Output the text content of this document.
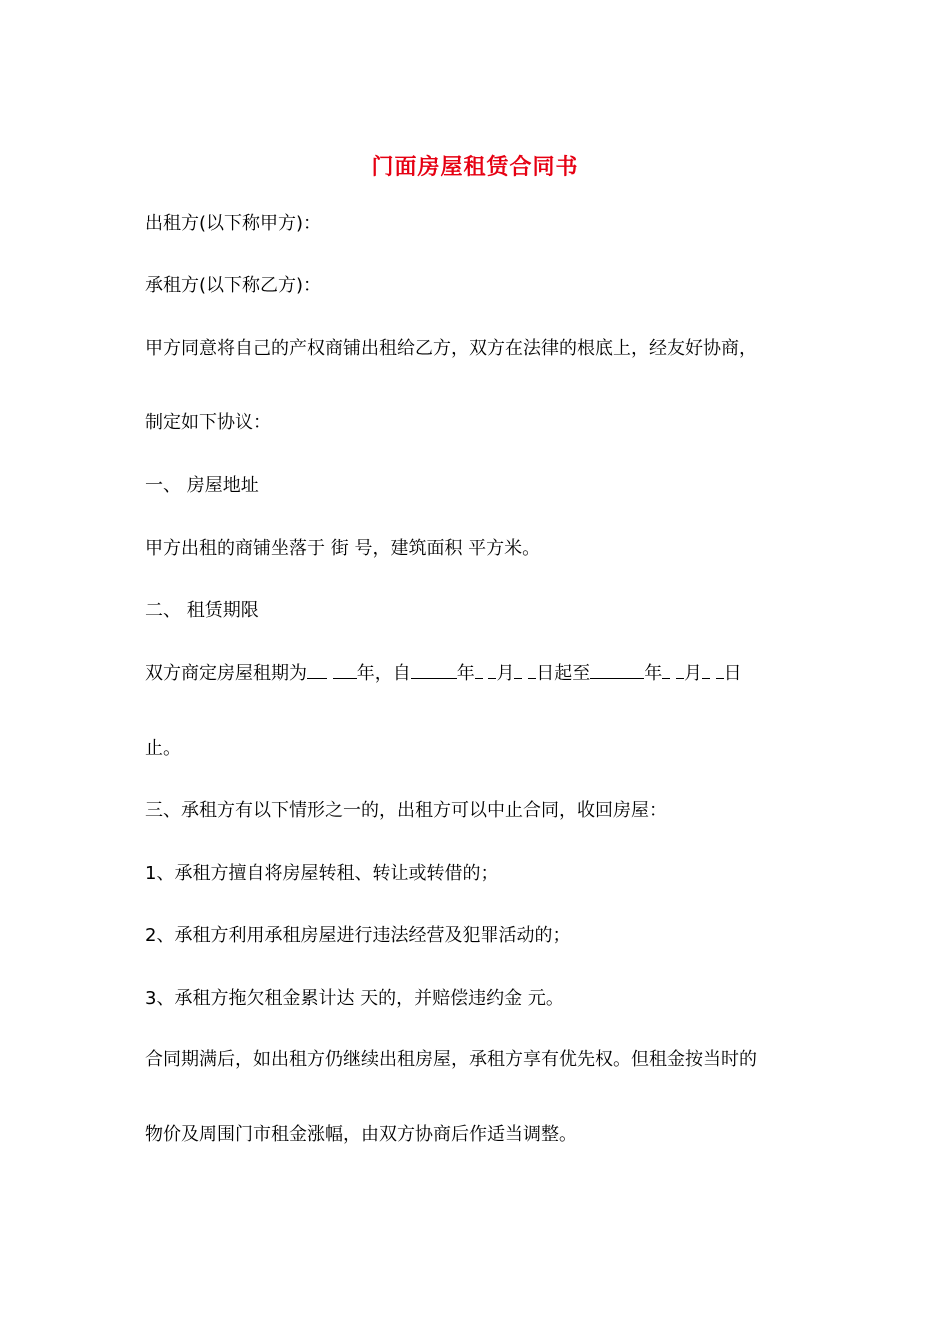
门面房屋租赁合同书
出租方(以下称甲方)：
承租方(以下称乙方)：
甲方同意将自己的产权商铺出租给乙方，双方在法律的根底上，经友好协商，
制定如下协议：
一、 房屋地址
甲方出租的商铺坐落于 街 号，建筑面积 平方米。
二、 租赁期限
双方商定房屋租期为	年，自	年 月 日起至	年 月 日
止。
三、承租方有以下情形之一的，出租方可以中止合同，收回房屋：
1、承租方擅自将房屋转租、转让或转借的；
2、承租方利用承租房屋进行违法经营及犯罪活动的；
3、承租方拖欠租金累计达 天的，并赔偿违约金 元。
合同期满后，如出租方仍继续出租房屋，承租方享有优先权。但租金按当时的
物价及周围门市租金涨幅，由双方协商后作适当调整。
